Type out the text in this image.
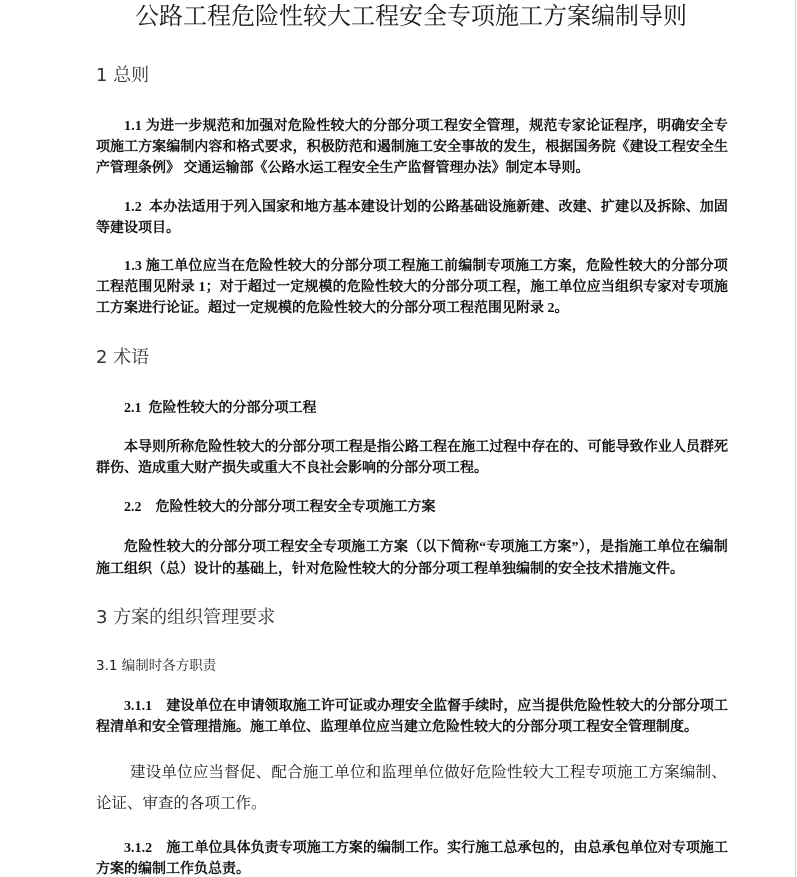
公路工程危险性较大工程安全专项施工方案编制导则
1 总则
1.1 为进一步规范和加强对危险性较大的分部分项工程安全管理，规范专家论证程序，明确安全专
项施工方案编制内容和格式要求，积极防范和遏制施工安全事故的发生，根据国务院《建设工程安全生
产管理条例》 交通运输部《公路水运工程安全生产监督管理办法》制定本导则。
1.2  本办法适用于列入国家和地方基本建设计划的公路基础设施新建、改建、扩建以及拆除、加固
等建设项目。
1.3 施工单位应当在危险性较大的分部分项工程施工前编制专项施工方案，危险性较大的分部分项
工程范围见附录 1；对于超过一定规模的危险性较大的分部分项工程，施工单位应当组织专家对专项施
工方案进行论证。超过一定规模的危险性较大的分部分项工程范围见附录 2。
2 术语
2.1  危险性较大的分部分项工程
本导则所称危险性较大的分部分项工程是指公路工程在施工过程中存在的、可能导致作业人员群死
群伤、造成重大财产损失或重大不良社会影响的分部分项工程。
2.2    危险性较大的分部分项工程安全专项施工方案
危险性较大的分部分项工程安全专项施工方案（以下简称“专项施工方案”），是指施工单位在编制
施工组织（总）设计的基础上，针对危险性较大的分部分项工程单独编制的安全技术措施文件。
3 方案的组织管理要求
3.1 编制时各方职责
3.1.1    建设单位在申请领取施工许可证或办理安全监督手续时，应当提供危险性较大的分部分项工
程清单和安全管理措施。施工单位、监理单位应当建立危险性较大的分部分项工程安全管理制度。
建设单位应当督促、配合施工单位和监理单位做好危险性较大工程专项施工方案编制、
论证、审查的各项工作。
3.1.2    施工单位具体负责专项施工方案的编制工作。实行施工总承包的，由总承包单位对专项施工
方案的编制工作负总责。
